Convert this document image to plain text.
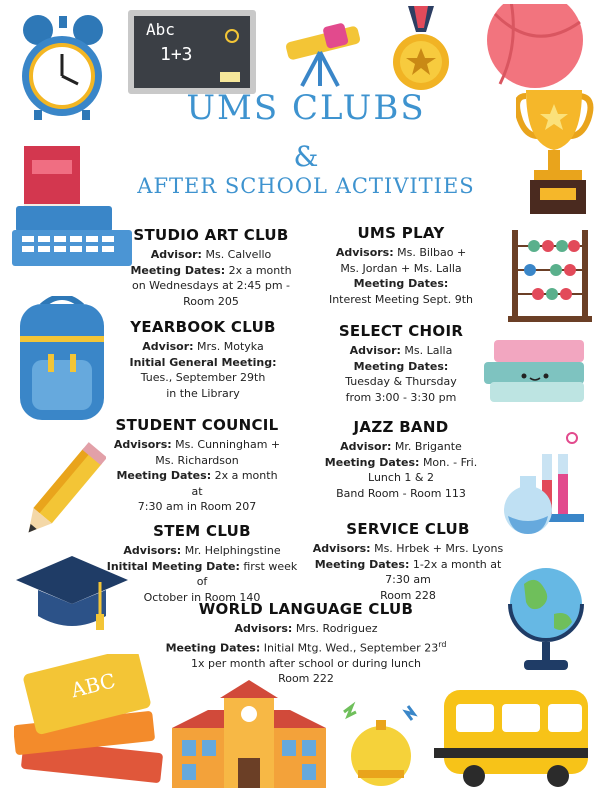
Abc
1+3
ABC
UMS CLUBS
&
AFTER SCHOOL ACTIVITIES
STUDIO ART CLUB

Advisor: Ms. Calvello

Meeting Dates: 2x a month

on Wednesdays at 2:45 pm -

Room 205

UMS PLAY

Advisors: Ms. Bilbao +

Ms. Jordan + Ms. Lalla

Meeting Dates:

Interest Meeting Sept. 9th

YEARBOOK CLUB

Advisor: Mrs. Motyka

Initial General Meeting:

Tues., September 29th

in the Library

SELECT CHOIR

Advisor: Ms. Lalla

Meeting Dates:

Tuesday & Thursday

from 3:00 - 3:30 pm

STUDENT COUNCIL

Advisors: Ms. Cunningham +

Ms. Richardson

Meeting Dates: 2x a month at

7:30 am in Room 207

JAZZ BAND

Advisor: Mr. Brigante

Meeting Dates: Mon. - Fri.

Lunch 1 & 2

Band Room - Room 113

STEM CLUB

Advisors: Mr. Helphingstine

Initital Meeting Date: first week of

October in Room 140

SERVICE CLUB

Advisors: Ms. Hrbek + Mrs. Lyons

Meeting Dates: 1-2x a month at 7:30 am

Room 228

WORLD LANGUAGE CLUB

Advisors: Mrs. Rodriguez

Meeting Dates: Initial Mtg. Wed., September 23rd

1x per month after school or during lunch

Room 222
